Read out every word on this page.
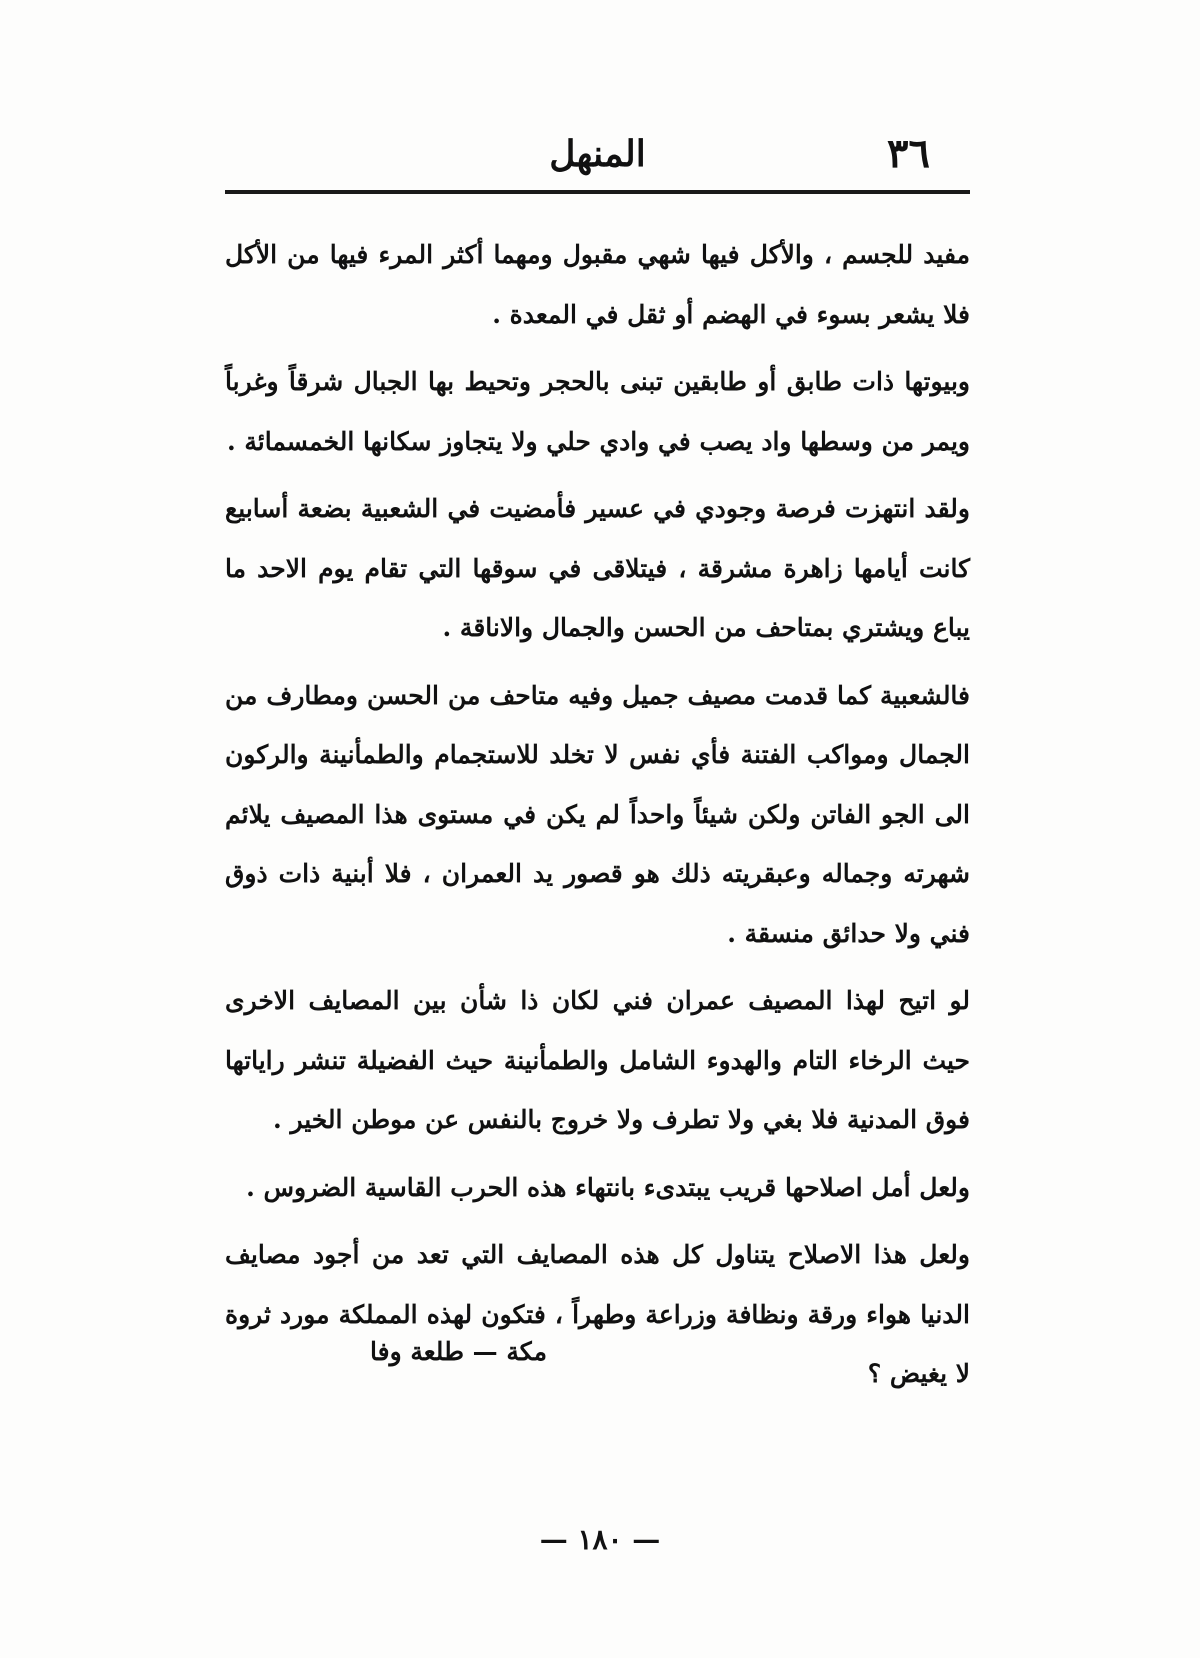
٣٦
المنهل

مفيد للجسم ، والأكل فيها شهي مقبول ومهما أكثر المرء فيها من الأكل فلا يشعر بسوء في الهضم أو ثقل في المعدة .

وبيوتها ذات طابق أو طابقين تبنى بالحجر وتحيط بها الجبال شرقاً وغرباً ويمر من وسطها واد يصب في وادي حلي ولا يتجاوز سكانها الخمسمائة .

ولقد انتهزت فرصة وجودي في عسير فأمضيت في الشعبية بضعة أسابيع كانت أيامها زاهرة مشرقة ، فيتلاقى في سوقها التي تقام يوم الاحد ما يباع ويشتري بمتاحف من الحسن والجمال والاناقة .

فالشعبية كما قدمت مصيف جميل وفيه متاحف من الحسن ومطارف من الجمال ومواكب الفتنة فأي نفس لا تخلد للاستجمام والطمأنينة والركون الى الجو الفاتن ولكن شيئاً واحداً لم يكن في مستوى هذا المصيف يلائم شهرته وجماله وعبقريته ذلك هو قصور يد العمران ، فلا أبنية ذات ذوق فني ولا حدائق منسقة .

لو اتيح لهذا المصيف عمران فني لكان ذا شأن بين المصايف الاخرى حيث الرخاء التام والهدوء الشامل والطمأنينة حيث الفضيلة تنشر راياتها فوق المدنية فلا بغي ولا تطرف ولا خروج بالنفس عن موطن الخير .

ولعل أمل اصلاحها قريب يبتدىء بانتهاء هذه الحرب القاسية الضروس .

ولعل هذا الاصلاح يتناول كل هذه المصايف التي تعد من أجود مصايف الدنيا هواء ورقة ونظافة وزراعة وطهراً ، فتكون لهذه المملكة مورد ثروة لا يغيض ؟

مكة — طلعة وفا
— ١٨٠ —
